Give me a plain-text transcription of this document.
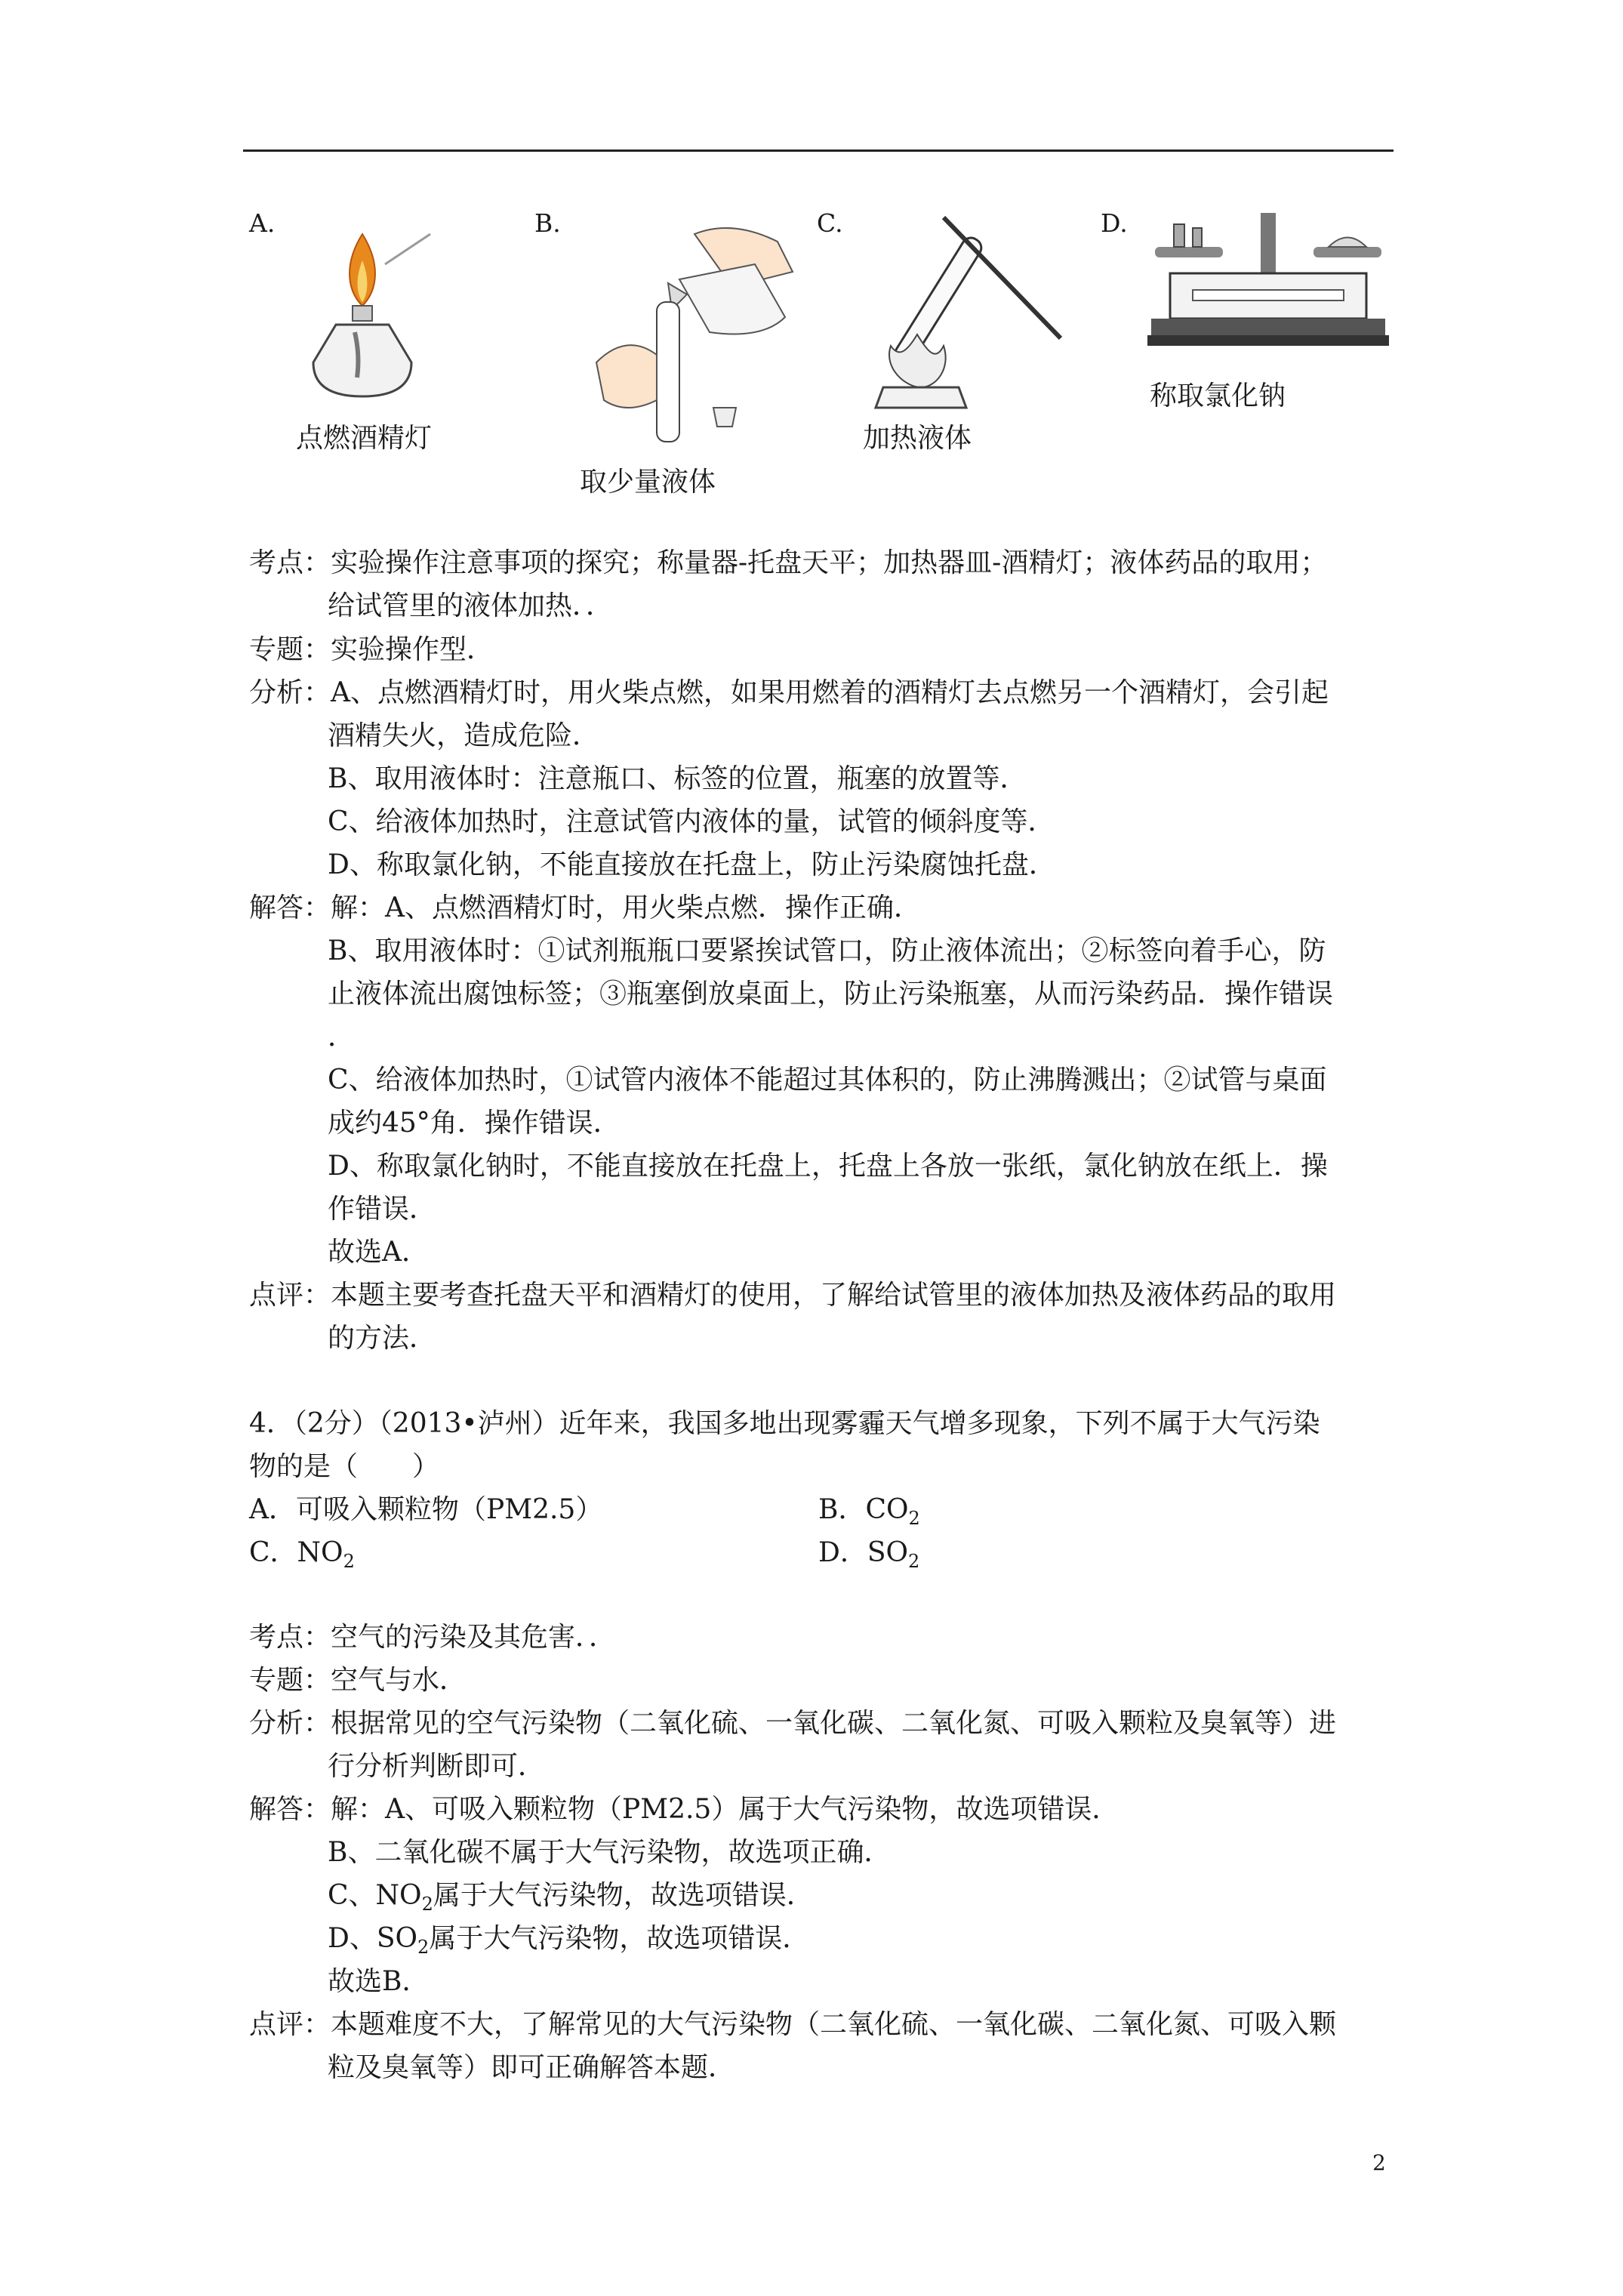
A.
点燃酒精灯
B.
取少量液体
C.
加热液体
D.
称取氯化钠
考点：实验操作注意事项的探究；称量器-托盘天平；加热器皿-酒精灯；液体药品的取用；
给试管里的液体加热．．
专题：实验操作型．
分析：A、点燃酒精灯时，用火柴点燃，如果用燃着的酒精灯去点燃另一个酒精灯，会引起
酒精失火，造成危险．
B、取用液体时：注意瓶口、标签的位置，瓶塞的放置等．
C、给液体加热时，注意试管内液体的量，试管的倾斜度等．
D、称取氯化钠，不能直接放在托盘上，防止污染腐蚀托盘．
解答：解：A、点燃酒精灯时，用火柴点燃．操作正确．
B、取用液体时：①试剂瓶瓶口要紧挨试管口，防止液体流出；②标签向着手心，防
止液体流出腐蚀标签；③瓶塞倒放桌面上，防止污染瓶塞，从而污染药品．操作错误
．
C、给液体加热时，①试管内液体不能超过其体积的，防止沸腾溅出；②试管与桌面
成约45°角．操作错误．
D、称取氯化钠时，不能直接放在托盘上，托盘上各放一张纸，氯化钠放在纸上．操
作错误．
故选A．
点评：本题主要考查托盘天平和酒精灯的使用，了解给试管里的液体加热及液体药品的取用
的方法．
4．（2分）（2013•泸州）近年来，我国多地出现雾霾天气增多现象，下列不属于大气污染
物的是（　　）
A．可吸入颗粒物（PM2.5）	B．$CO_2$
C．$NO_2$	D．$SO_2$
考点：空气的污染及其危害．．
专题：空气与水．
分析：根据常见的空气污染物（二氧化硫、一氧化碳、二氧化氮、可吸入颗粒及臭氧等）进
行分析判断即可．
解答：解：A、可吸入颗粒物（PM2.5）属于大气污染物，故选项错误．
B、二氧化碳不属于大气污染物，故选项正确．
C、$NO_2$属于大气污染物，故选项错误．
D、$SO_2$属于大气污染物，故选项错误．
故选B．
点评：本题难度不大，了解常见的大气污染物（二氧化硫、一氧化碳、二氧化氮、可吸入颗
粒及臭氧等）即可正确解答本题．
2
